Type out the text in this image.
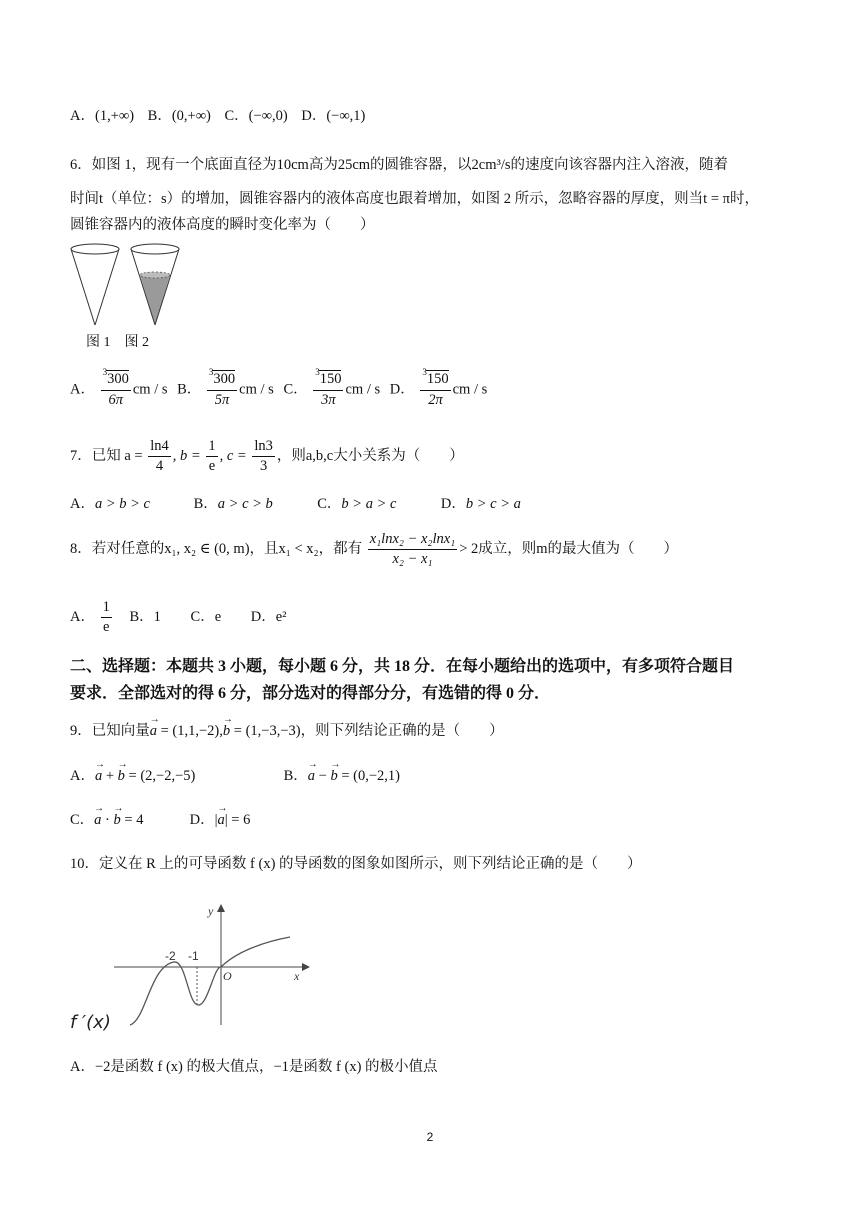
A．(1,+∞) B．(0,+∞) C．(−∞,0) D．(−∞,1)
6．如图 1，现有一个底面直径为10cm高为25cm的圆锥容器，以2cm³/s的速度向该容器内注入溶液，随着
时间t（单位：s）的增加，圆锥容器内的液体高度也跟着增加，如图 2 所示，忽略容器的厚度，则当t = π时，
圆锥容器内的液体高度的瞬时变化率为（　　）
图 1　图 2
A． $\frac{^3300}{6\pi}$ cm / s B． $\frac{^3300}{5\pi}$ cm / s C． $\frac{^3150}{3\pi}$ cm / s D． $\frac{^3150}{2\pi}$ cm / s
7．已知 $a = \frac{\ln 4}{4}$ , $b = \frac{1}{e}$ , $c = \frac{\ln 3}{3}$ ，则a,b,c大小关系为（　　）
A．a > b > c	B．a > c > b	C．b > a > c	D．b > c > a
8．若对任意的x₁, x₂ ∈ (0, m)，且x₁ < x₂，都有 $\frac{\text{x₁lnx₂ − x₂lnx₁}}{\text{x₂ − x₁}} > 2$成立，则m的最大值为（　　）
A． $\frac{1}{e}$ B．1 C．e D．e²
二、选择题：本题共 3 小题，每小题 6 分，共 18 分．在每小题给出的选项中，有多项符合题目
要求．全部选对的得 6 分，部分选对的得部分分，有选错的得 0 分．
9．已知向量→ a = (1,1,−2),→ b = (1,−3,−3)，则下列结论正确的是（　　）
A．→ a + → b = (2,−2,−5)	B．→ a − → b = (0,−2,1)
C．→ a · → b = 4	D．|→ a| = 6
10．定义在 R 上的可导函数 f (x) 的导函数的图象如图所示，则下列结论正确的是（　　）
y
x
O
-2 -1
f ′(x)
A．−2是函数 f (x) 的极大值点，−1是函数 f (x) 的极小值点
2
